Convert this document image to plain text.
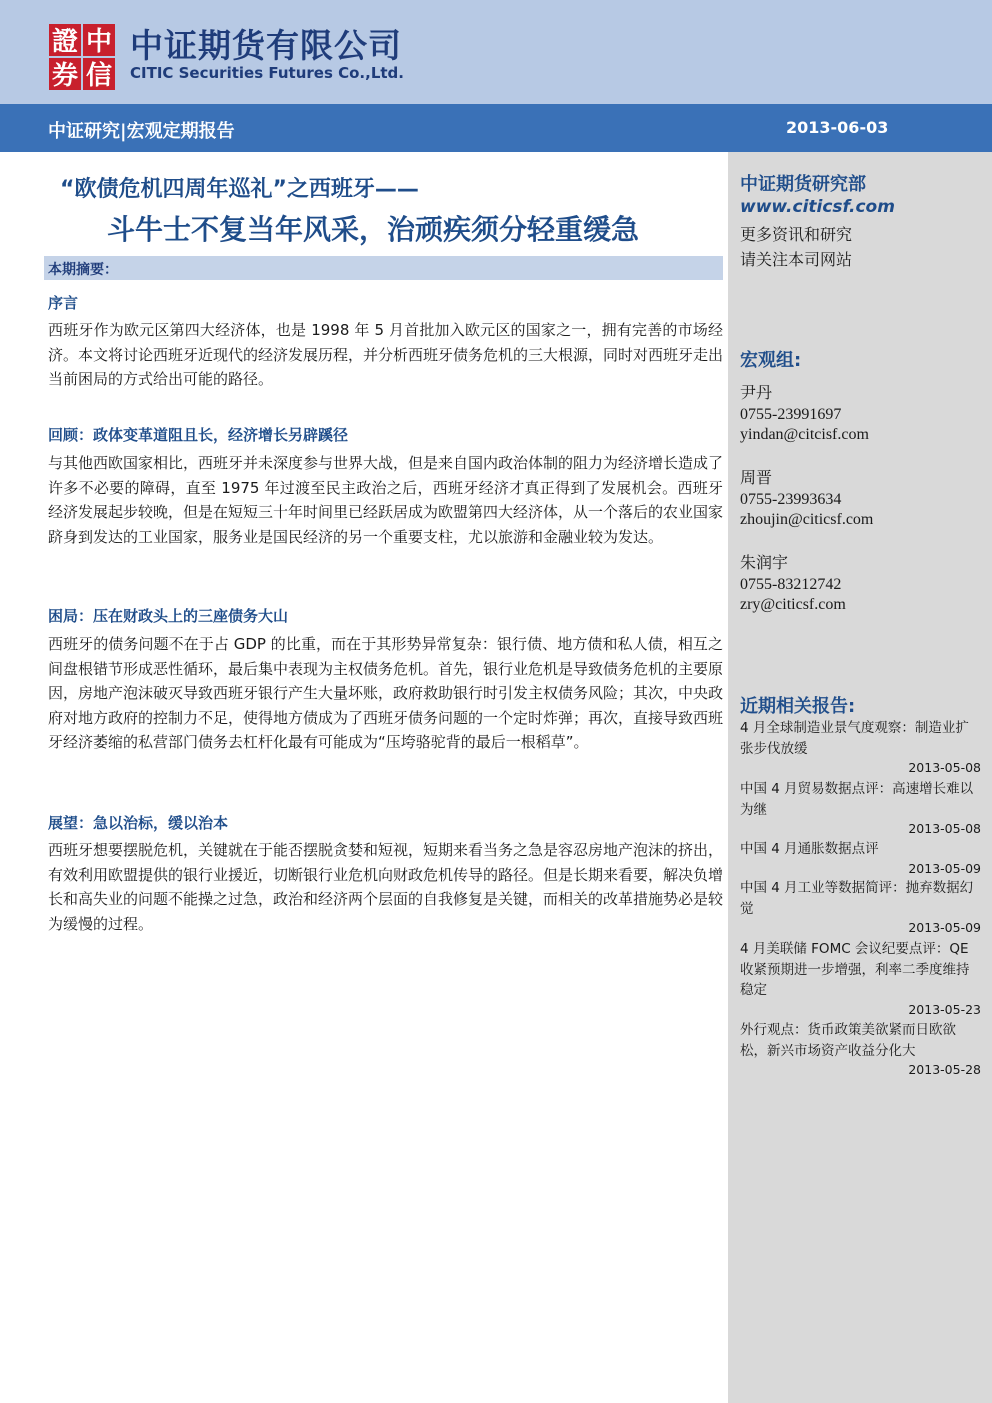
證 中
券 信
中证期货有限公司
CITIC Securities Futures Co.,Ltd.
中证研究|宏观定期报告	2013-06-03
“欧债危机四周年巡礼”之西班牙——
斗牛士不复当年风采，治顽疾须分轻重缓急
本期摘要：
序言

西班牙作为欧元区第四大经济体，也是 1998 年 5 月首批加入欧元区的国家之一，拥有完善的市场经济。本文将讨论西班牙近现代的经济发展历程，并分析西班牙债务危机的三大根源，同时对西班牙走出当前困局的方式给出可能的路径。

回顾：政体变革道阻且长，经济增长另辟蹊径

与其他西欧国家相比，西班牙并未深度参与世界大战，但是来自国内政治体制的阻力为经济增长造成了许多不必要的障碍，直至 1975 年过渡至民主政治之后，西班牙经济才真正得到了发展机会。西班牙经济发展起步较晚，但是在短短三十年时间里已经跃居成为欧盟第四大经济体，从一个落后的农业国家跻身到发达的工业国家，服务业是国民经济的另一个重要支柱，尤以旅游和金融业较为发达。

困局：压在财政头上的三座债务大山

西班牙的债务问题不在于占 GDP 的比重，而在于其形势异常复杂：银行债、地方债和私人债，相互之间盘根错节形成恶性循环，最后集中表现为主权债务危机。首先，银行业危机是导致债务危机的主要原因，房地产泡沫破灭导致西班牙银行产生大量坏账，政府救助银行时引发主权债务风险；其次，中央政府对地方政府的控制力不足，使得地方债成为了西班牙债务问题的一个定时炸弹；再次，直接导致西班牙经济萎缩的私营部门债务去杠杆化最有可能成为“压垮骆驼背的最后一根稻草”。

展望：急以治标，缓以治本

西班牙想要摆脱危机，关键就在于能否摆脱贪婪和短视，短期来看当务之急是容忍房地产泡沫的挤出，有效利用欧盟提供的银行业援近，切断银行业危机向财政危机传导的路径。但是长期来看要，解决负增长和高失业的问题不能操之过急，政治和经济两个层面的自我修复是关键，而相关的改革措施势必是较为缓慢的过程。

中证期货研究部
www.citicsf.com
更多资讯和研究
请关注本司网站
宏观组:
尹丹
0755-23991697
yindan@citcisf.com
周晋
0755-23993634
zhoujin@citicsf.com
朱润宇
0755-83212742
zry@citicsf.com
近期相关报告:

4 月全球制造业景气度观察：制造业扩张步伐放缓

2013-05-08

中国 4 月贸易数据点评：高速增长难以为继

2013-05-08

中国 4 月通胀数据点评

2013-05-09

中国 4 月工业等数据简评：抛弃数据幻觉

2013-05-09

4 月美联储 FOMC 会议纪要点评：QE 收紧预期进一步增强，利率二季度维持稳定

2013-05-23

外行观点：货币政策美欲紧而日欧欲松，新兴市场资产收益分化大

2013-05-28
